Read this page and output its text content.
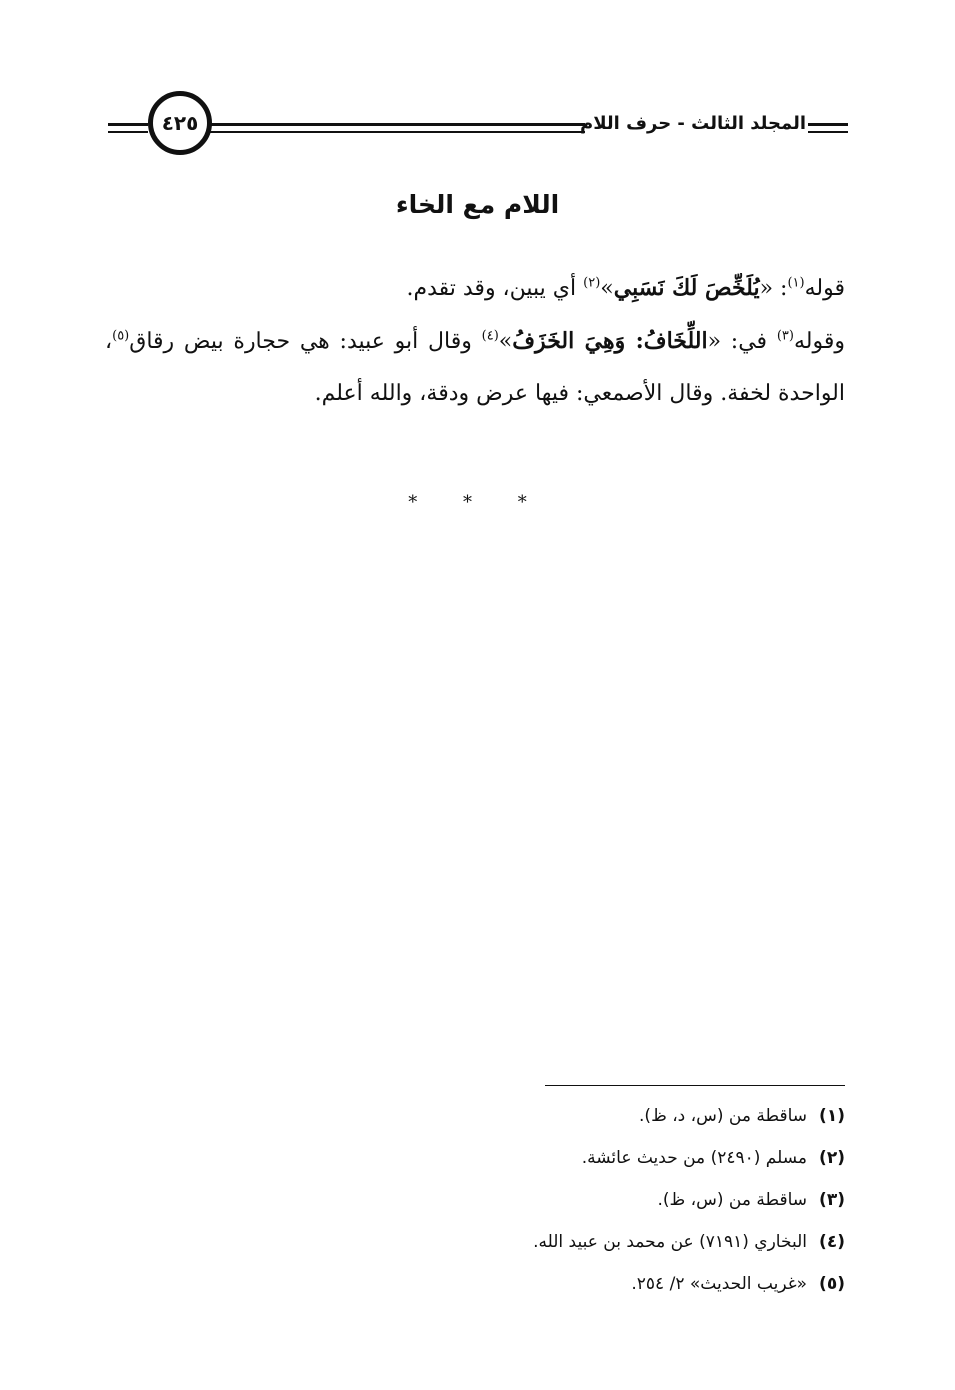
٤٢٥	المجلد الثالث - حرف اللام
اللام مع الخاء

قوله$^{(١)}$: «يُلَخِّصَ لَكَ نَسَبِي»$^{(٢)}$ أي يبين، وقد تقدم.

وقوله$^{(٣)}$ في: «اللِّخَافُ: وَهِيَ الخَزَفُ»$^{(٤)}$ وقال أبو عبيد: هي حجارة بيض رقاق$^{(٥)}$، الواحدة لخفة. وقال الأصمعي: فيها عرض ودقة، والله أعلم.

* * *
(١)ساقطة من (س، د، ظ).
(٢)مسلم (٢٤٩٠) من حديث عائشة.
(٣)ساقطة من (س، ظ).
(٤)البخاري (٧١٩١) عن محمد بن عبيد الله.
(٥)«غريب الحديث» ٢/ ٢٥٤.
